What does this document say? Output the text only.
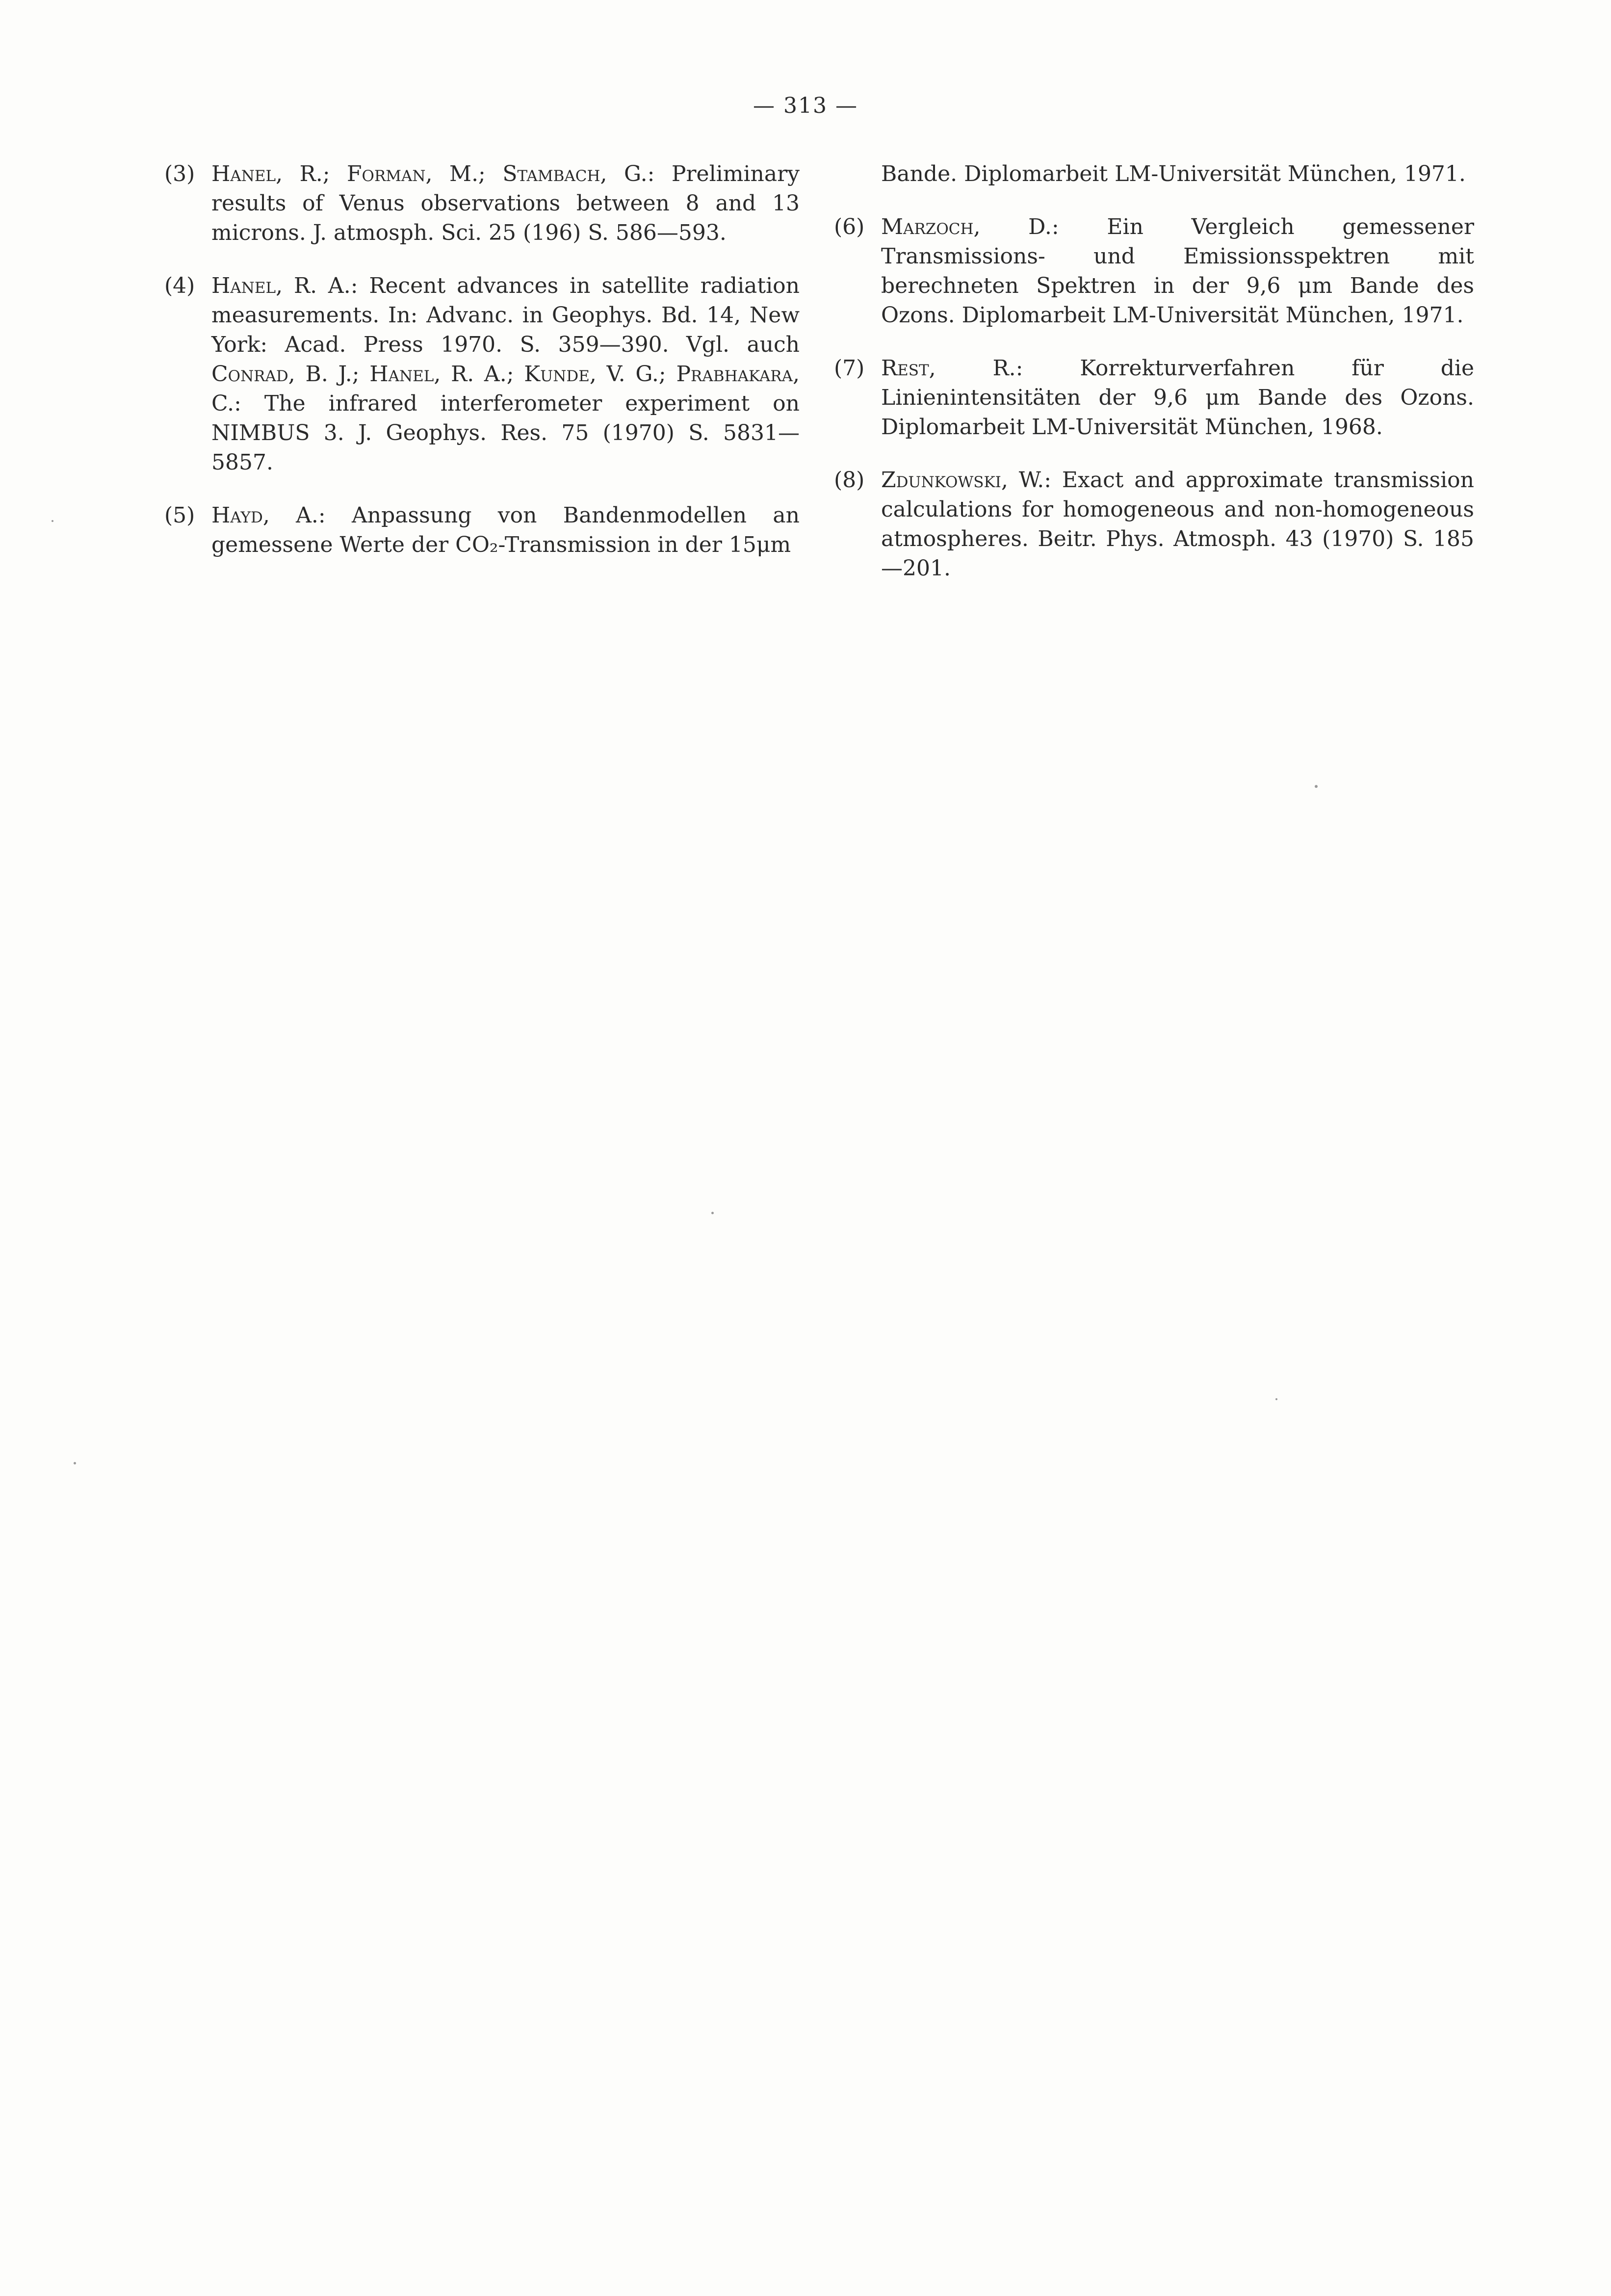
— 313 —
(3) Hanel, R.; Forman, M.; Stambach, G.: Preliminary results of Venus observations between 8 and 13 microns. J. atmosph. Sci. 25 (196) S. 586—593.
(4) Hanel, R. A.: Recent advances in satellite radiation measurements. In: Advanc. in Geophys. Bd. 14, New York: Acad. Press 1970. S. 359—390. Vgl. auch Conrad, B. J.; Hanel, R. A.; Kunde, V. G.; Prabhakara, C.: The infrared interferometer experiment on NIMBUS 3. J. Geophys. Res. 75 (1970) S. 5831—5857.
(5) Hayd, A.: Anpassung von Bandenmodellen an gemessene Werte der CO₂-Transmission in der 15μm
Bande. Diplomarbeit LM-Universität München, 1971.
(6) Marzoch, D.: Ein Vergleich gemessener Transmissions- und Emissionsspektren mit berechneten Spektren in der 9,6 μm Bande des Ozons. Diplomarbeit LM-Universität München, 1971.
(7) Rest, R.: Korrekturverfahren für die Linienintensitäten der 9,6 μm Bande des Ozons. Diplomarbeit LM-Universität München, 1968.
(8) Zdunkowski, W.: Exact and approximate transmission calculations for homogeneous and non-homogeneous atmospheres. Beitr. Phys. Atmosph. 43 (1970) S. 185—201.
